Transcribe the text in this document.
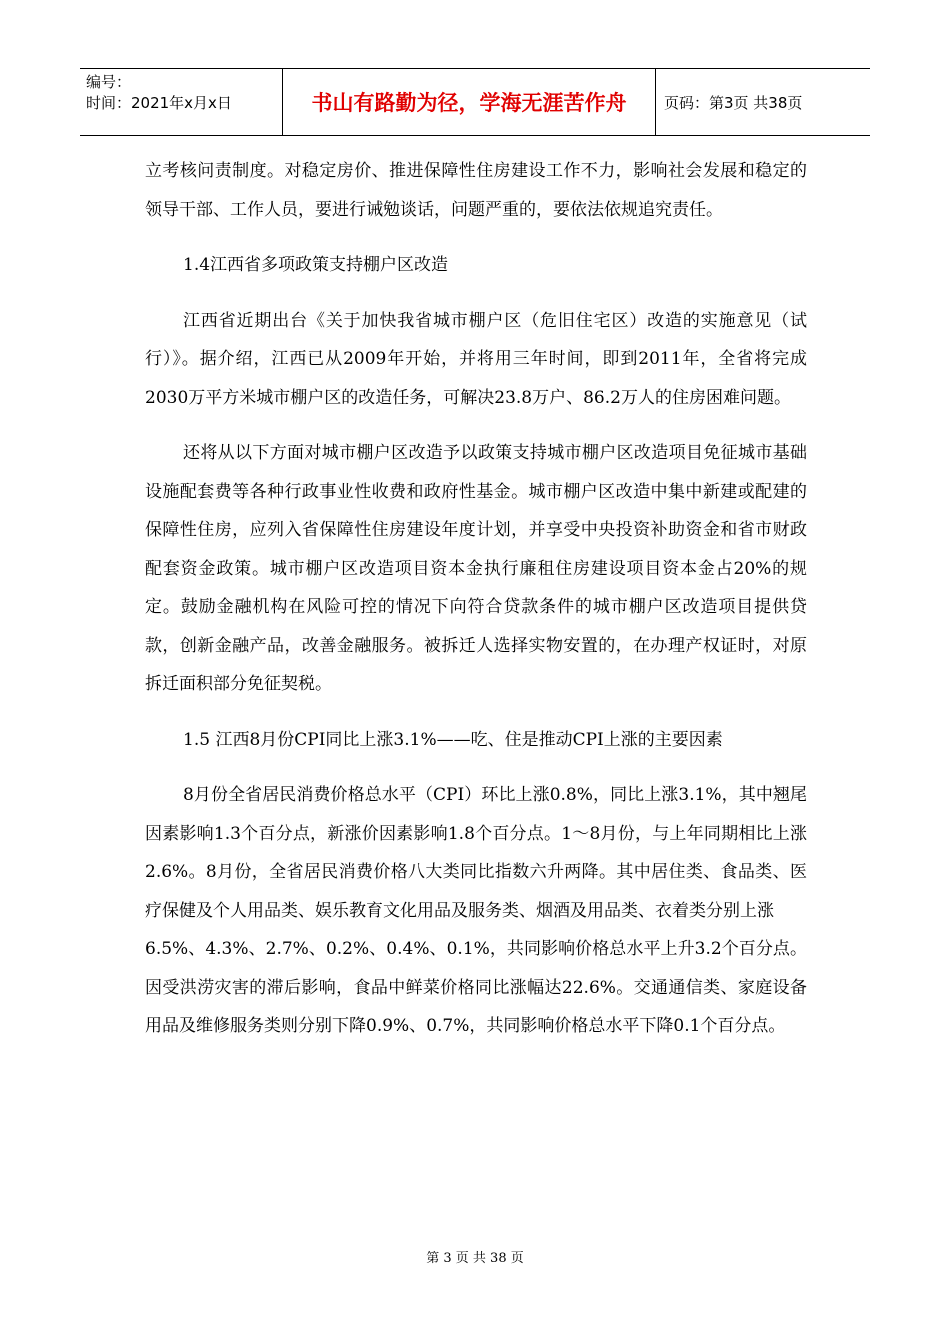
编号：
时间：2021年x月x日	书山有路勤为径，学海无涯苦作舟	页码：第3页 共38页

立考核问责制度。对稳定房价、推进保障性住房建设工作不力，影响社会发展和稳定的领导干部、工作人员，要进行诫勉谈话，问题严重的，要依法依规追究责任。

1.4江西省多项政策支持棚户区改造

江西省近期出台《关于加快我省城市棚户区（危旧住宅区）改造的实施意见（试行）》。据介绍，江西已从2009年开始，并将用三年时间，即到2011年，全省将完成2030万平方米城市棚户区的改造任务，可解决23.8万户、86.2万人的住房困难问题。

还将从以下方面对城市棚户区改造予以政策支持城市棚户区改造项目免征城市基础设施配套费等各种行政事业性收费和政府性基金。城市棚户区改造中集中新建或配建的保障性住房，应列入省保障性住房建设年度计划，并享受中央投资补助资金和省市财政配套资金政策。城市棚户区改造项目资本金执行廉租住房建设项目资本金占20%的规定。鼓励金融机构在风险可控的情况下向符合贷款条件的城市棚户区改造项目提供贷款，创新金融产品，改善金融服务。被拆迁人选择实物安置的，在办理产权证时，对原拆迁面积部分免征契税。

1.5 江西8月份CPI同比上涨3.1%——吃、住是推动CPI上涨的主要因素

8月份全省居民消费价格总水平（CPI）环比上涨0.8%，同比上涨3.1%，其中翘尾因素影响1.3个百分点，新涨价因素影响1.8个百分点。1～8月份，与上年同期相比上涨2.6%。8月份，全省居民消费价格八大类同比指数六升两降。其中居住类、食品类、医疗保健及个人用品类、娱乐教育文化用品及服务类、烟酒及用品类、衣着类分别上涨

6.5%、4.3%、2.7%、0.2%、0.4%、0.1%，共同影响价格总水平上升3.2个百分点。因受洪涝灾害的滞后影响，食品中鲜菜价格同比涨幅达22.6%。交通通信类、家庭设备用品及维修服务类则分别下降0.9%、0.7%，共同影响价格总水平下降0.1个百分点。

第 3 页 共 38 页
